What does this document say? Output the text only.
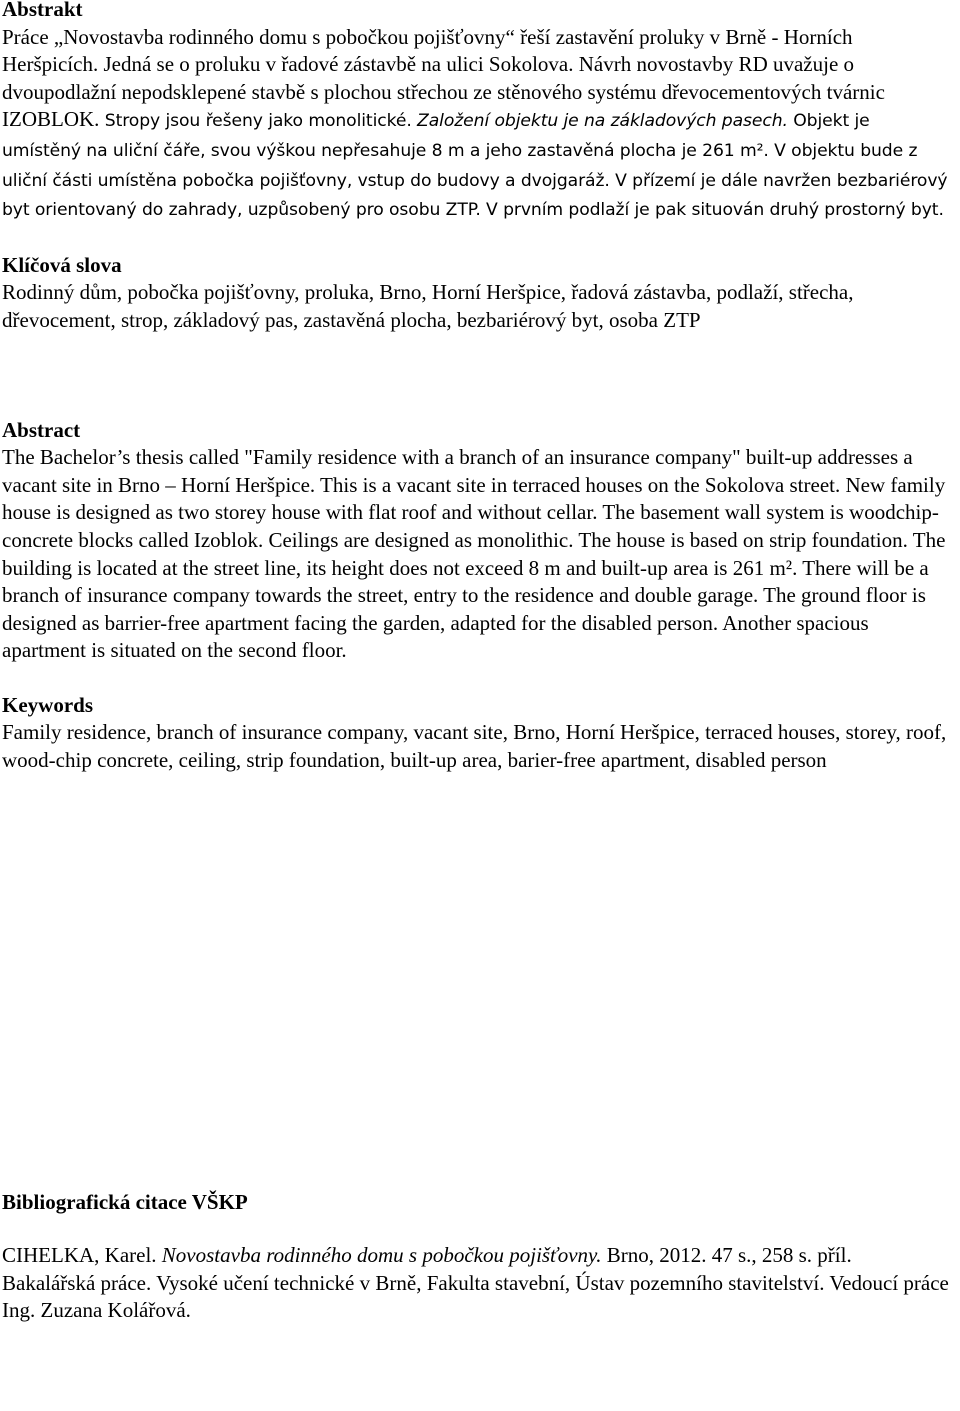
Abstrakt

Práce „Novostavba rodinného domu s pobočkou pojišťovny“ řeší zastavění proluky v Brně - Horních Heršpicích. Jedná se o proluku v řadové zástavbě na ulici Sokolova. Návrh novostavby RD uvažuje o dvoupodlažní nepodsklepené stavbě s plochou střechou ze stěnového systému dřevocementových tvárnic IZOBLOK. Stropy jsou řešeny jako monolitické. Založení objektu je na základových pasech. Objekt je umístěný na uliční čáře, svou výškou nepřesahuje 8 m a jeho zastavěná plocha je 261 m². V objektu bude z uliční části umístěna pobočka pojišťovny, vstup do budovy a dvojgaráž. V přízemí je dále navržen bezbariérový byt orientovaný do zahrady, uzpůsobený pro osobu ZTP. V prvním podlaží je pak situován druhý prostorný byt.

Klíčová slova

Rodinný dům, pobočka pojišťovny, proluka, Brno, Horní Heršpice, řadová zástavba, podlaží, střecha, dřevocement, strop, základový pas, zastavěná plocha, bezbariérový byt, osoba ZTP

Abstract

The Bachelor’s thesis called "Family residence with a branch of an insurance company" built-up addresses a vacant site in Brno – Horní Heršpice. This is a vacant site in terraced houses on the Sokolova street. New family house is designed as two storey house with flat roof and without cellar. The basement wall system is woodchip-concrete blocks called Izoblok. Ceilings are designed as monolithic. The house is based on strip foundation. The building is located at the street line, its height does not exceed 8 m and built-up area is 261 m². There will be a branch of insurance company towards the street, entry to the residence and double garage. The ground floor is designed as barrier-free apartment facing the garden, adapted for the disabled person. Another spacious apartment is situated on the second floor.

Keywords

Family residence, branch of insurance company, vacant site, Brno, Horní Heršpice, terraced houses, storey, roof, wood-chip concrete, ceiling, strip foundation, built-up area, barier-free apartment, disabled person

Bibliografická citace VŠKP

CIHELKA, Karel. Novostavba rodinného domu s pobočkou pojišťovny. Brno, 2012. 47 s., 258 s. příl. Bakalářská práce. Vysoké učení technické v Brně, Fakulta stavební, Ústav pozemního stavitelství. Vedoucí práce Ing. Zuzana Kolářová.
